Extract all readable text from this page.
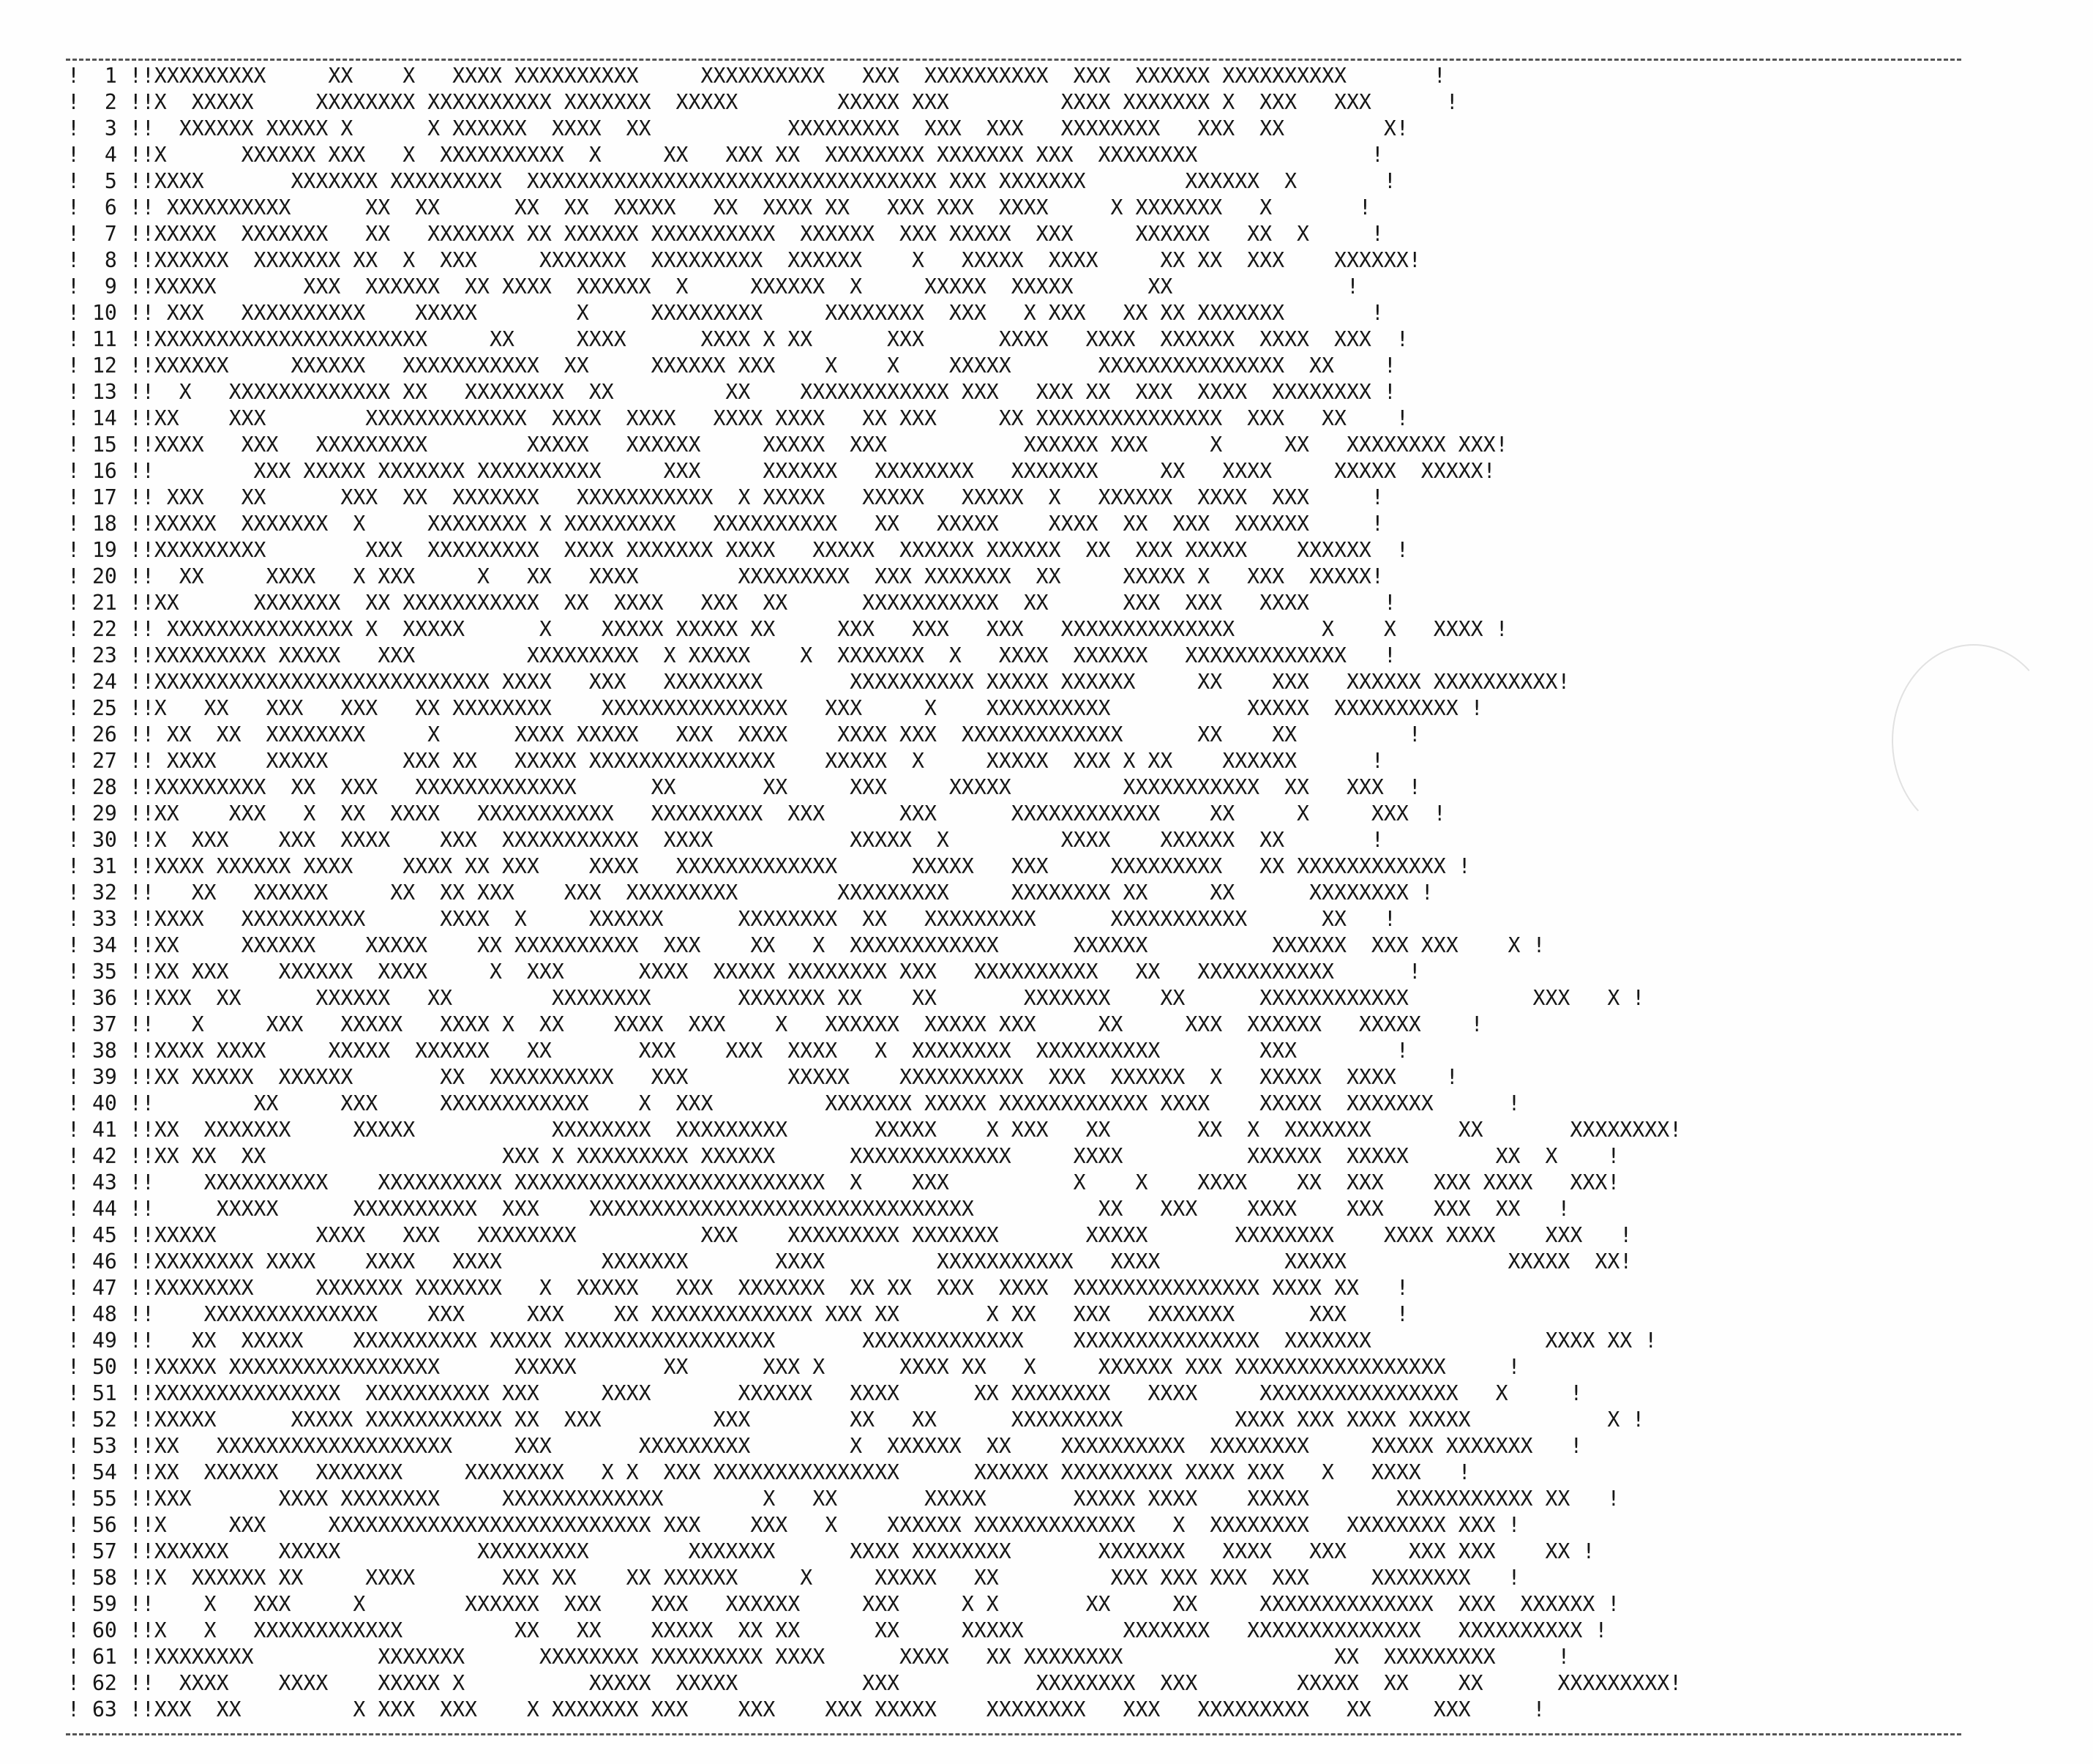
!  1 !!XXXXXXXXX     XX    X   XXXX XXXXXXXXXX     XXXXXXXXXX   XXX  XXXXXXXXXX  XXX  XXXXXX XXXXXXXXXX       !
!  2 !!X  XXXXX     XXXXXXXX XXXXXXXXXX XXXXXXX  XXXXX        XXXXX XXX         XXXX XXXXXXX X  XXX   XXX      !
!  3 !!  XXXXXX XXXXX X      X XXXXXX  XXXX  XX           XXXXXXXXX  XXX  XXX   XXXXXXXX   XXX  XX        X!
!  4 !!X      XXXXXX XXX   X  XXXXXXXXXX  X     XX   XXX XX  XXXXXXXX XXXXXXX XXX  XXXXXXXX              !
!  5 !!XXXX       XXXXXXX XXXXXXXXX  XXXXXXXXXXXXXXXXXXXXXXXXXXXXXXXXX XXX XXXXXXX        XXXXXX  X       !
!  6 !! XXXXXXXXXX      XX  XX      XX  XX  XXXXX   XX  XXXX XX   XXX XXX  XXXX     X XXXXXXX   X       !
!  7 !!XXXXX  XXXXXXX   XX   XXXXXXX XX XXXXXX XXXXXXXXXX  XXXXXX  XXX XXXXX  XXX     XXXXXX   XX  X     !
!  8 !!XXXXXX  XXXXXXX XX  X  XXX     XXXXXXX  XXXXXXXXX  XXXXXX    X   XXXXX  XXXX     XX XX  XXX    XXXXXX!
!  9 !!XXXXX       XXX  XXXXXX  XX XXXX  XXXXXX  X     XXXXXX  X     XXXXX  XXXXX      XX              !
! 10 !! XXX   XXXXXXXXXX    XXXXX        X     XXXXXXXXX     XXXXXXXX  XXX   X XXX   XX XX XXXXXXX       !
! 11 !!XXXXXXXXXXXXXXXXXXXXXX     XX     XXXX      XXXX X XX      XXX      XXXX   XXXX  XXXXXX  XXXX  XXX  !
! 12 !!XXXXXX     XXXXXX   XXXXXXXXXXX  XX     XXXXXX XXX    X    X    XXXXX       XXXXXXXXXXXXXXX  XX    !
! 13 !!  X   XXXXXXXXXXXXX XX   XXXXXXXX  XX         XX    XXXXXXXXXXXX XXX   XXX XX  XXX  XXXX  XXXXXXXX !
! 14 !!XX    XXX        XXXXXXXXXXXXX  XXXX  XXXX   XXXX XXXX   XX XXX     XX XXXXXXXXXXXXXXX  XXX   XX    !
! 15 !!XXXX   XXX   XXXXXXXXX        XXXXX   XXXXXX     XXXXX  XXX           XXXXXX XXX     X     XX   XXXXXXXX XXX!
! 16 !!        XXX XXXXX XXXXXXX XXXXXXXXXX     XXX     XXXXXX   XXXXXXXX   XXXXXXX     XX   XXXX     XXXXX  XXXXX!
! 17 !! XXX   XX      XXX  XX  XXXXXXX   XXXXXXXXXXX  X XXXXX   XXXXX   XXXXX  X   XXXXXX  XXXX  XXX     !
! 18 !!XXXXX  XXXXXXX  X     XXXXXXXX X XXXXXXXXX   XXXXXXXXXX   XX   XXXXX    XXXX  XX  XXX  XXXXXX     !
! 19 !!XXXXXXXXX        XXX  XXXXXXXXX  XXXX XXXXXXX XXXX   XXXXX  XXXXXX XXXXXX  XX  XXX XXXXX    XXXXXX  !
! 20 !!  XX     XXXX   X XXX     X   XX   XXXX        XXXXXXXXX  XXX XXXXXXX  XX     XXXXX X   XXX  XXXXX!
! 21 !!XX      XXXXXXX  XX XXXXXXXXXXX  XX  XXXX   XXX  XX      XXXXXXXXXXX  XX      XXX  XXX   XXXX      !
! 22 !! XXXXXXXXXXXXXXX X  XXXXX      X    XXXXX XXXXX XX     XXX   XXX   XXX   XXXXXXXXXXXXXX       X    X   XXXX !
! 23 !!XXXXXXXXX XXXXX   XXX         XXXXXXXXX  X XXXXX    X  XXXXXXX  X   XXXX  XXXXXX   XXXXXXXXXXXXX   !
! 24 !!XXXXXXXXXXXXXXXXXXXXXXXXXXX XXXX   XXX   XXXXXXXX       XXXXXXXXXX XXXXX XXXXXX     XX    XXX   XXXXXX XXXXXXXXXX!
! 25 !!X   XX   XXX   XXX   XX XXXXXXXX    XXXXXXXXXXXXXXX   XXX     X    XXXXXXXXXX           XXXXX  XXXXXXXXXX !
! 26 !! XX  XX  XXXXXXXX     X      XXXX XXXXX   XXX  XXXX    XXXX XXX  XXXXXXXXXXXXX      XX    XX         !
! 27 !! XXXX    XXXXX      XXX XX   XXXXX XXXXXXXXXXXXXXX    XXXXX  X     XXXXX  XXX X XX    XXXXXX      !
! 28 !!XXXXXXXXX  XX  XXX   XXXXXXXXXXXXX      XX       XX     XXX     XXXXX         XXXXXXXXXXX  XX   XXX  !
! 29 !!XX    XXX   X  XX  XXXX   XXXXXXXXXXX   XXXXXXXXX  XXX      XXX      XXXXXXXXXXXX    XX     X     XXX  !
! 30 !!X  XXX    XXX  XXXX    XXX  XXXXXXXXXXX  XXXX           XXXXX  X         XXXX    XXXXXX  XX       !
! 31 !!XXXX XXXXXX XXXX    XXXX XX XXX    XXXX   XXXXXXXXXXXXX      XXXXX   XXX     XXXXXXXXX   XX XXXXXXXXXXXX !
! 32 !!   XX   XXXXXX     XX  XX XXX    XXX  XXXXXXXXX        XXXXXXXXX     XXXXXXXX XX     XX      XXXXXXXX !
! 33 !!XXXX   XXXXXXXXXX      XXXX  X     XXXXXX      XXXXXXXX  XX   XXXXXXXXX      XXXXXXXXXXX      XX   !
! 34 !!XX     XXXXXX    XXXXX    XX XXXXXXXXXX  XXX    XX   X  XXXXXXXXXXXX      XXXXXX          XXXXXX  XXX XXX    X !
! 35 !!XX XXX    XXXXXX  XXXX     X  XXX      XXXX  XXXXX XXXXXXXX XXX   XXXXXXXXXX   XX   XXXXXXXXXXX      !
! 36 !!XXX  XX      XXXXXX   XX        XXXXXXXX       XXXXXXX XX    XX       XXXXXXX    XX      XXXXXXXXXXXX          XXX   X !
! 37 !!   X     XXX   XXXXX   XXXX X  XX    XXXX  XXX    X   XXXXXX  XXXXX XXX     XX     XXX  XXXXXX   XXXXX    !
! 38 !!XXXX XXXX     XXXXX  XXXXXX   XX       XXX    XXX  XXXX   X  XXXXXXXX  XXXXXXXXXX        XXX        !
! 39 !!XX XXXXX  XXXXXX       XX  XXXXXXXXXX   XXX        XXXXX    XXXXXXXXXX  XXX  XXXXXX  X   XXXXX  XXXX    !
! 40 !!        XX     XXX     XXXXXXXXXXXX    X  XXX         XXXXXXX XXXXX XXXXXXXXXXXX XXXX    XXXXX  XXXXXXX      !
! 41 !!XX  XXXXXXX     XXXXX           XXXXXXXX  XXXXXXXXX       XXXXX    X XXX   XX       XX  X  XXXXXXX       XX       XXXXXXXX!
! 42 !!XX XX  XX                   XXX X XXXXXXXXX XXXXXX      XXXXXXXXXXXXX     XXXX          XXXXXX  XXXXX       XX  X    !
! 43 !!    XXXXXXXXXX    XXXXXXXXXX XXXXXXXXXXXXXXXXXXXXXXXXX  X    XXX          X    X    XXXX    XX  XXX    XXX XXXX   XXX!
! 44 !!     XXXXX      XXXXXXXXXX  XXX    XXXXXXXXXXXXXXXXXXXXXXXXXXXXXXX          XX   XXX    XXXX    XXX    XXX  XX   !
! 45 !!XXXXX        XXXX   XXX   XXXXXXXX          XXX    XXXXXXXXX XXXXXXX       XXXXX       XXXXXXXX    XXXX XXXX    XXX   !
! 46 !!XXXXXXXX XXXX    XXXX   XXXX        XXXXXXX       XXXX         XXXXXXXXXXX   XXXX          XXXXX             XXXXX  XX!
! 47 !!XXXXXXXX     XXXXXXX XXXXXXX   X  XXXXX   XXX  XXXXXXX  XX XX  XXX  XXXX  XXXXXXXXXXXXXXX XXXX XX   !
! 48 !!    XXXXXXXXXXXXXX    XXX     XXX    XX XXXXXXXXXXXXX XXX XX       X XX   XXX   XXXXXXX      XXX    !
! 49 !!   XX  XXXXX    XXXXXXXXXX XXXXX XXXXXXXXXXXXXXXXX       XXXXXXXXXXXXX    XXXXXXXXXXXXXXX  XXXXXXX              XXXX XX !
! 50 !!XXXXX XXXXXXXXXXXXXXXXX      XXXXX       XX      XXX X      XXXX XX   X     XXXXXX XXX XXXXXXXXXXXXXXXXX     !
! 51 !!XXXXXXXXXXXXXXX  XXXXXXXXXX XXX     XXXX       XXXXXX   XXXX      XX XXXXXXXX   XXXX     XXXXXXXXXXXXXXXX   X     !
! 52 !!XXXXX      XXXXX XXXXXXXXXXX XX  XXX         XXX        XX   XX      XXXXXXXXX         XXXX XXX XXXX XXXXX           X !
! 53 !!XX   XXXXXXXXXXXXXXXXXXX     XXX       XXXXXXXXX        X  XXXXXX  XX    XXXXXXXXXX  XXXXXXXX     XXXXX XXXXXXX   !
! 54 !!XX  XXXXXX   XXXXXXX     XXXXXXXX   X X  XXX XXXXXXXXXXXXXXX      XXXXXX XXXXXXXXX XXXX XXX   X   XXXX   !
! 55 !!XXX       XXXX XXXXXXXX     XXXXXXXXXXXXX        X   XX       XXXXX       XXXXX XXXX    XXXXX       XXXXXXXXXXX XX   !
! 56 !!X     XXX     XXXXXXXXXXXXXXXXXXXXXXXXXX XXX    XXX   X    XXXXXX XXXXXXXXXXXXX   X  XXXXXXXX   XXXXXXXX XXX !
! 57 !!XXXXXX    XXXXX           XXXXXXXXX        XXXXXXX      XXXX XXXXXXXX       XXXXXXX   XXXX   XXX     XXX XXX    XX !
! 58 !!X  XXXXXX XX     XXXX       XXX XX    XX XXXXXX     X     XXXXX   XX         XXX XXX XXX  XXX     XXXXXXXX   !
! 59 !!    X   XXX     X        XXXXXX  XXX    XXX   XXXXXX     XXX     X X       XX     XX     XXXXXXXXXXXXXX  XXX  XXXXXX !
! 60 !!X   X   XXXXXXXXXXXX         XX   XX    XXXXX  XX XX      XX     XXXXX        XXXXXXX   XXXXXXXXXXXXXX   XXXXXXXXXX !
! 61 !!XXXXXXXX          XXXXXXX      XXXXXXXX XXXXXXXXX XXXX      XXXX   XX XXXXXXXX                 XX  XXXXXXXXX     !
! 62 !!  XXXX    XXXX    XXXXX X          XXXXX  XXXXX          XXX           XXXXXXXX  XXX        XXXXX  XX    XX      XXXXXXXXX!
! 63 !!XXX  XX         X XXX  XXX    X XXXXXXX XXX    XXX    XXX XXXXX    XXXXXXXX   XXX   XXXXXXXXX   XX     XXX     !
